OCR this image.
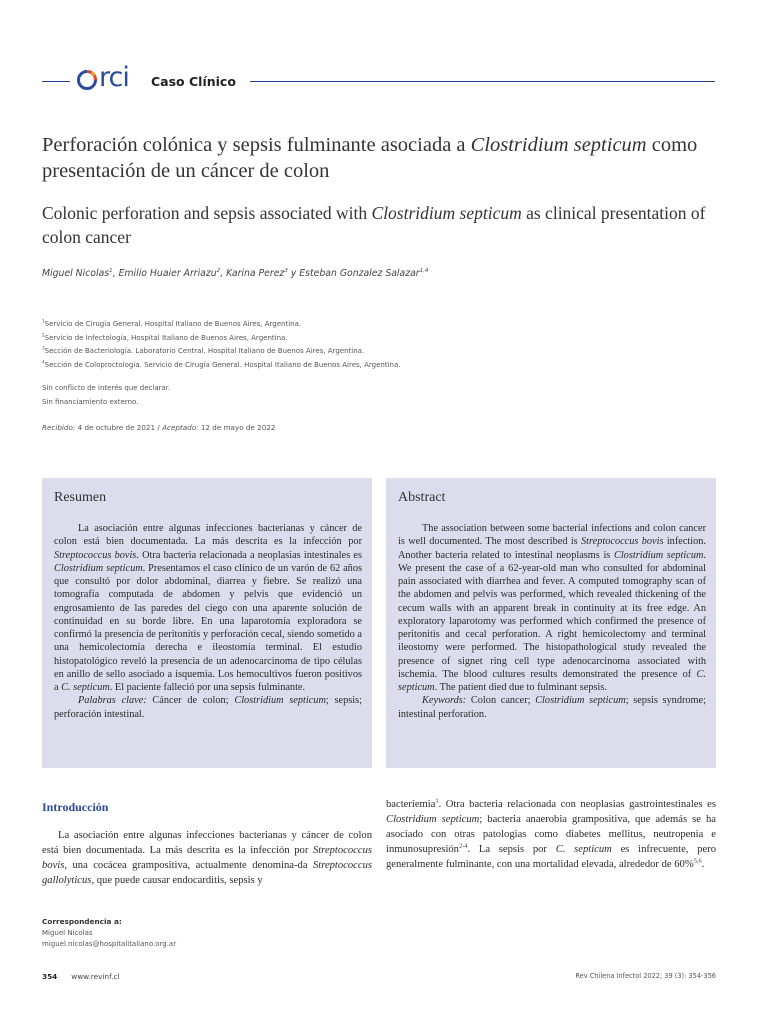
rci Caso Clínico
Perforación colónica y sepsis fulminante asociada a Clostridium septicum como presentación de un cáncer de colon
Colonic perforation and sepsis associated with Clostridium septicum as clinical presentation of colon cancer
Miguel Nicolas$^1$, Emilio Huaier Arriazu$^2$, Karina Perez$^3$ y Esteban Gonzalez Salazar$^{1,4}$
$^1$Servicio de Cirugía General. Hospital Italiano de Buenos Aires, Argentina.
$^2$Servicio de Infectología, Hospital Italiano de Buenos Aires, Argentina.
$^3$Sección de Bacteriología. Laboratorio Central. Hospital Italiano de Buenos Aires, Argentina.
$^4$Sección de Coloproctología. Servicio de Cirugía General. Hospital Italiano de Buenos Aires, Argentina.
Sin conflicto de interés que declarar.
Sin financiamiento externo.
Recibido: 4 de octubre de 2021 / Aceptado: 12 de mayo de 2022
Resumen

La asociación entre algunas infecciones bacterianas y cáncer de colon está bien documentada. La más descrita es la infección por Streptococcus bovis. Otra bacteria relacionada a neoplasias intestinales es Clostridium septicum. Presentamos el caso clínico de un varón de 62 años que consultó por dolor abdominal, diarrea y fiebre. Se realizó una tomografía computada de abdomen y pelvis que evidenció un engrosamiento de las paredes del ciego con una aparente solución de continuidad en su borde libre. En una laparotomía exploradora se confirmó la presencia de peritonitis y perforación cecal, siendo sometido a una hemicolectomía derecha e ileostomía terminal. El estudio histopatológico reveló la presencia de un adenocarcinoma de tipo células en anillo de sello asociado a isquemia. Los hemocultivos fueron positivos a C. septicum. El paciente falleció por una sepsis fulminante.

Palabras clave: Cáncer de colon; Clostridium septicum; sepsis; perforación intestinal.

Abstract

The association between some bacterial infections and colon cancer is well documented. The most described is Streptococcus bovis infection. Another bacteria related to intestinal neoplasms is Clostridium septicum. We present the case of a 62-year-old man who consulted for abdominal pain associated with diarrhea and fever. A computed tomography scan of the abdomen and pelvis was performed, which revealed thickening of the cecum walls with an apparent break in continuity at its free edge. An exploratory laparotomy was performed which confirmed the presence of peritonitis and cecal perforation. A right hemicolectomy and terminal ileostomy were performed. The histopathological study revealed the presence of signet ring cell type adenocarcinoma associated with ischemia. The blood cultures results demonstrated the presence of C. septicum. The patient died due to fulminant sepsis.

Keywords: Colon cancer; Clostridium septicum; sepsis syndrome; intestinal perforation.

Introducción

La asociación entre algunas infecciones bacterianas y cáncer de colon está bien documentada. La más descrita es la infección por Streptococcus bovis, una cocácea grampositiva, actualmente denomina-da Streptococcus gallolyticus, que puede causar endocarditis, sepsis y

bacteriemia$^1$. Otra bacteria relacionada con neoplasias gastrointestinales es Clostridium septicum; bacteria anaerobia grampositiva, que además se ha asociado con otras patologías como diabetes mellitus, neutropenia e inmunosupresión$^{2-4}$. La sepsis por C. septicum es infrecuente, pero generalmente fulminante, con una mortalidad elevada, alrededor de 60%$^{5,6}$.

Correspondencia a:
Miguel Nicolas
miguel.nicolas@hospitalitaliano.org.ar
354 www.revinf.cl	Rev Chilena Infectol 2022; 39 (3): 354-356
